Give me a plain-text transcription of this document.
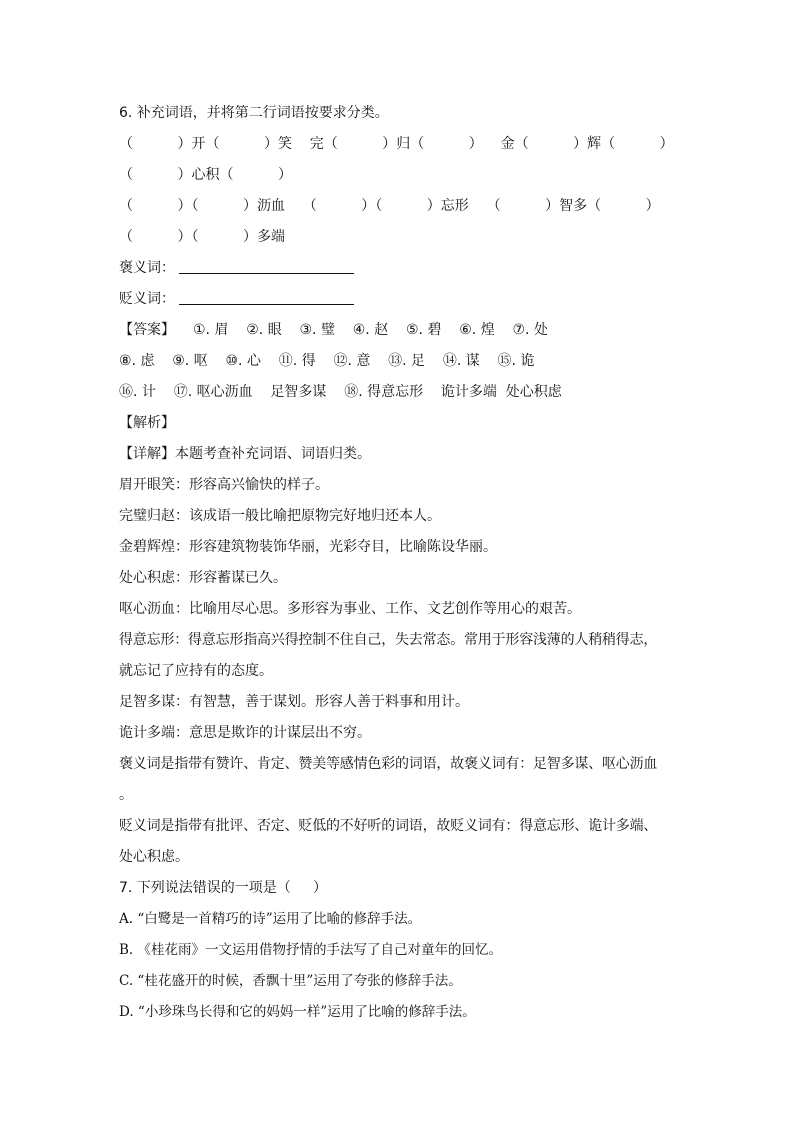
6. 补充词语，并将第二行词语按要求分类。
（          ）开（          ）笑    完（          ）归（          ）    金（          ）辉（          ）
（          ）心积（          ）
（          ）（          ）沥血    （          ）（          ）忘形    （          ）智多（          ）
（          ）（          ）多端
褒义词：
贬义词：
【答案】 ①. 眉    ②. 眼    ③. 璧    ④. 赵    ⑤. 碧    ⑥. 煌    ⑦. 处
⑧. 虑    ⑨. 呕    ⑩. 心    ⑪. 得    ⑫. 意    ⑬. 足    ⑭. 谋    ⑮. 诡
⑯. 计    ⑰. 呕心沥血    足智多谋    ⑱. 得意忘形    诡计多端  处心积虑
【解析】
【详解】本题考查补充词语、词语归类。
眉开眼笑：形容高兴愉快的样子。
完璧归赵：该成语一般比喻把原物完好地归还本人。
金碧辉煌：形容建筑物装饰华丽，光彩夺目，比喻陈设华丽。
处心积虑：形容蓄谋已久。
呕心沥血：比喻用尽心思。多形容为事业、工作、文艺创作等用心的艰苦。
得意忘形：得意忘形指高兴得控制不住自己，失去常态。常用于形容浅薄的人稍稍得志，
就忘记了应持有的态度。
足智多谋：有智慧，善于谋划。形容人善于料事和用计。
诡计多端：意思是欺诈的计谋层出不穷。
褒义词是指带有赞许、肯定、赞美等感情色彩的词语，故褒义词有：足智多谋、呕心沥血
。
贬义词是指带有批评、否定、贬低的不好听的词语，故贬义词有：得意忘形、诡计多端、
处心积虑。
7. 下列说法错误的一项是（     ）
A. “白鹭是一首精巧的诗”运用了比喻的修辞手法。
B. 《桂花雨》一文运用借物抒情的手法写了自己对童年的回忆。
C. “桂花盛开的时候，香飘十里”运用了夸张的修辞手法。
D. “小珍珠鸟长得和它的妈妈一样”运用了比喻的修辞手法。
